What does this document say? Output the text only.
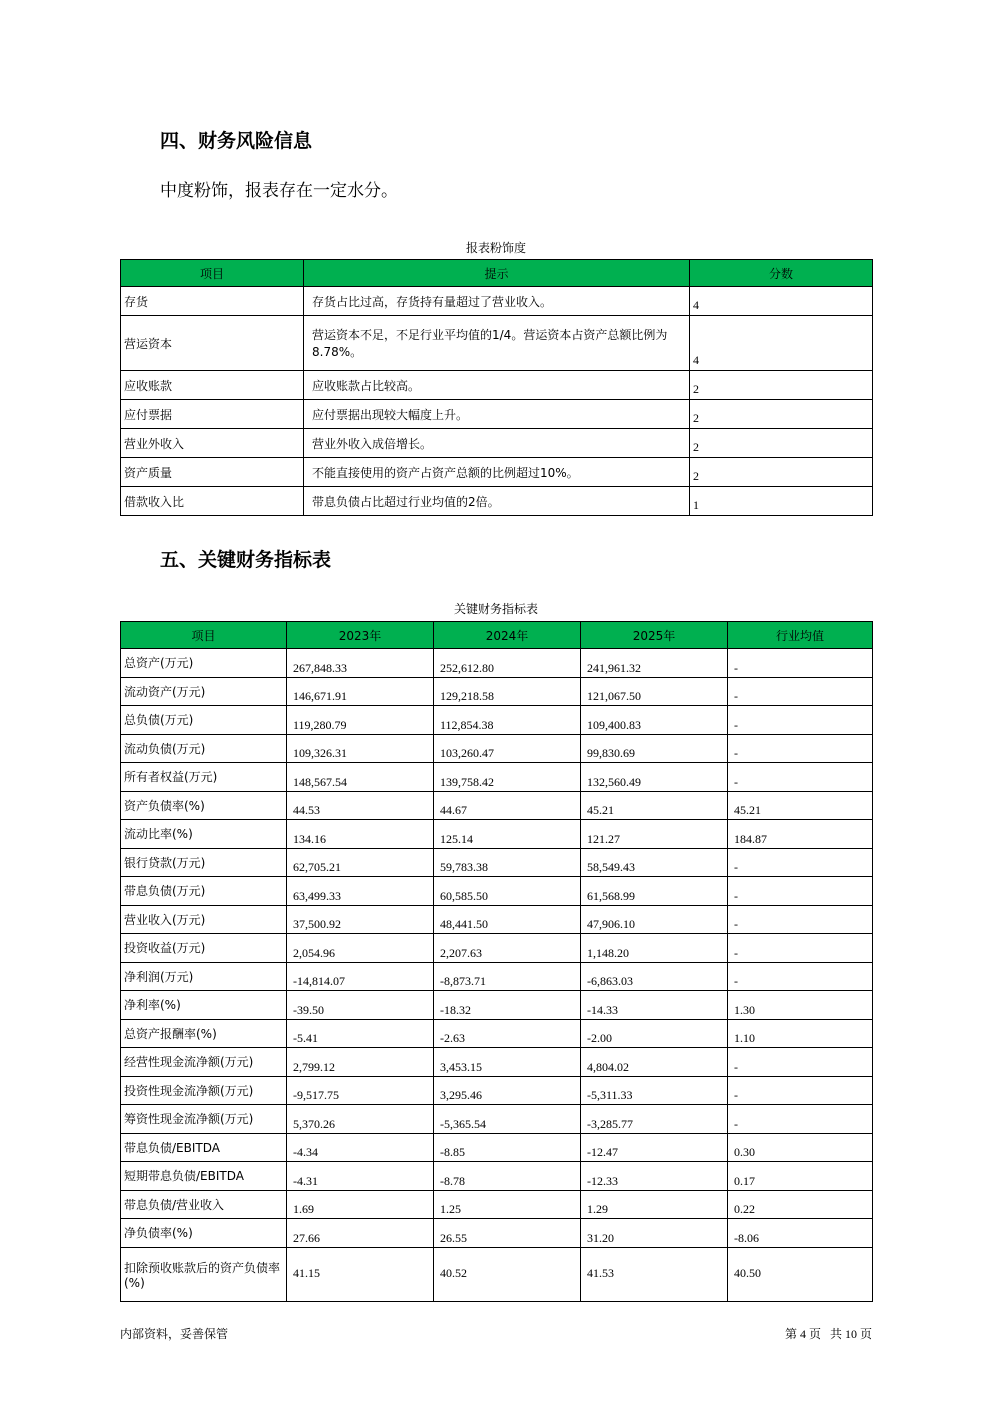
四、财务风险信息

中度粉饰，报表存在一定水分。

报表粉饰度

项目	提示	分数
存货	存货占比过高，存货持有量超过了营业收入。	4
营运资本	营运资本不足，不足行业平均值的1/4。营运资本占资产总额比例为8.78%。	4
应收账款	应收账款占比较高。	2
应付票据	应付票据出现较大幅度上升。	2
营业外收入	营业外收入成倍增长。	2
资产质量	不能直接使用的资产占资产总额的比例超过10%。	2
借款收入比	带息负债占比超过行业均值的2倍。	1
五、关键财务指标表

关键财务指标表

项目	2023年	2024年	2025年	行业均值
总资产(万元)	267,848.33	252,612.80	241,961.32	-
流动资产(万元)	146,671.91	129,218.58	121,067.50	-
总负债(万元)	119,280.79	112,854.38	109,400.83	-
流动负债(万元)	109,326.31	103,260.47	99,830.69	-
所有者权益(万元)	148,567.54	139,758.42	132,560.49	-
资产负债率(%)	44.53	44.67	45.21	45.21
流动比率(%)	134.16	125.14	121.27	184.87
银行贷款(万元)	62,705.21	59,783.38	58,549.43	-
带息负债(万元)	63,499.33	60,585.50	61,568.99	-
营业收入(万元)	37,500.92	48,441.50	47,906.10	-
投资收益(万元)	2,054.96	2,207.63	1,148.20	-
净利润(万元)	-14,814.07	-8,873.71	-6,863.03	-
净利率(%)	-39.50	-18.32	-14.33	1.30
总资产报酬率(%)	-5.41	-2.63	-2.00	1.10
经营性现金流净额(万元)	2,799.12	3,453.15	4,804.02	-
投资性现金流净额(万元)	-9,517.75	3,295.46	-5,311.33	-
筹资性现金流净额(万元)	5,370.26	-5,365.54	-3,285.77	-
带息负债/EBITDA	-4.34	-8.85	-12.47	0.30
短期带息负债/EBITDA	-4.31	-8.78	-12.33	0.17
带息负债/营业收入	1.69	1.25	1.29	0.22
净负债率(%)	27.66	26.55	31.20	-8.06
扣除预收账款后的资产负债率(%)	41.15	40.52	41.53	40.50

内部资料，妥善保管	第 4 页   共 10 页
